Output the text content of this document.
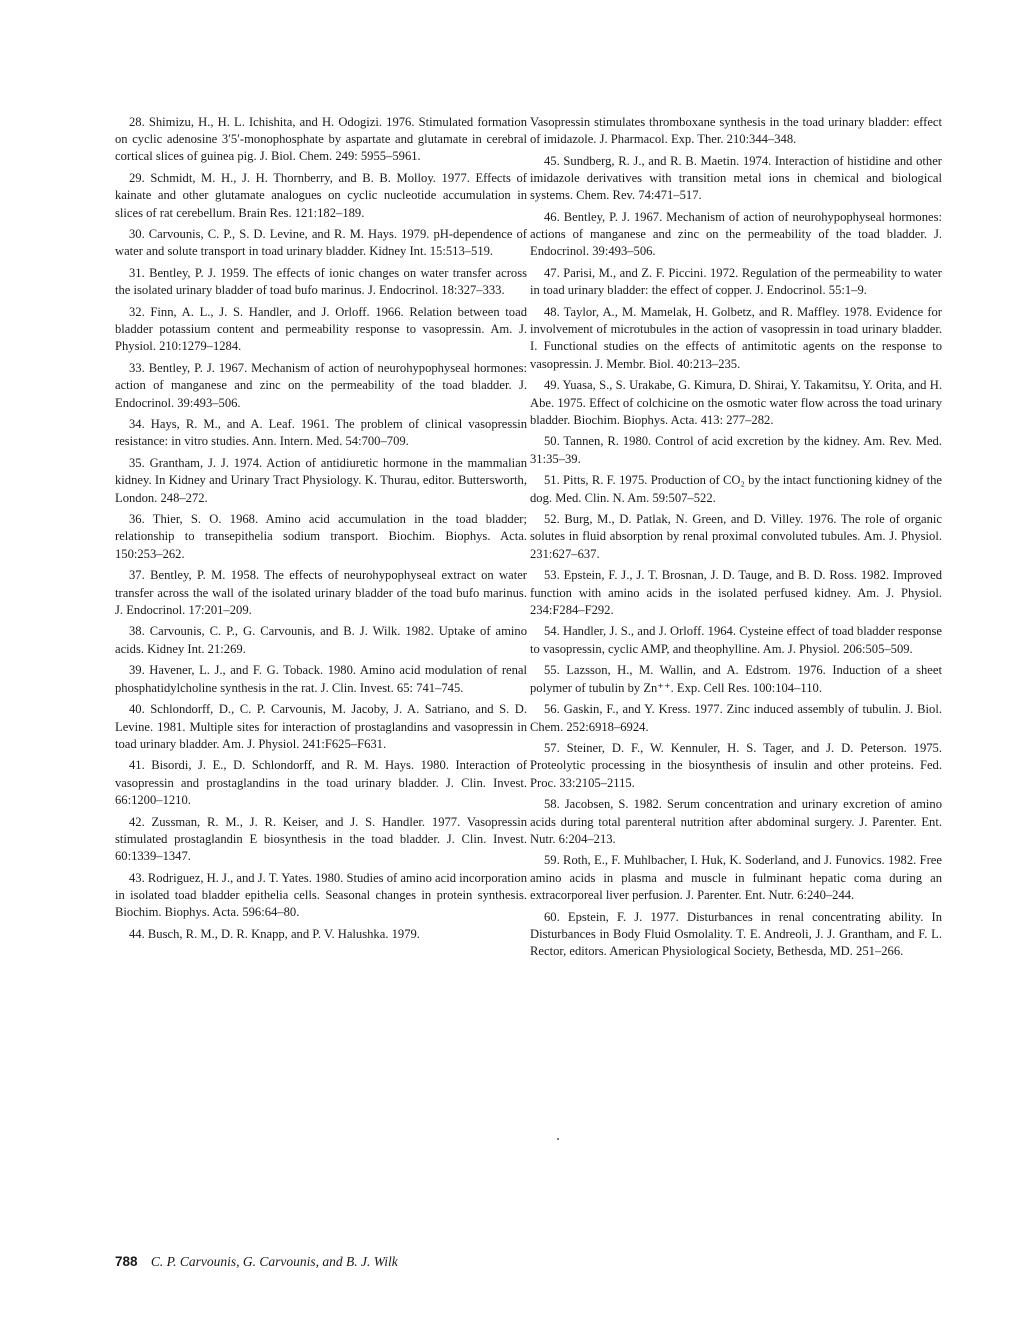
28. Shimizu, H., H. L. Ichishita, and H. Odogizi. 1976. Stimulated formation on cyclic adenosine 3′5′-monophosphate by aspartate and glutamate in cerebral cortical slices of guinea pig. J. Biol. Chem. 249: 5955–5961.

29. Schmidt, M. H., J. H. Thornberry, and B. B. Molloy. 1977. Effects of kainate and other glutamate analogues on cyclic nucleotide accumulation in slices of rat cerebellum. Brain Res. 121:182–189.

30. Carvounis, C. P., S. D. Levine, and R. M. Hays. 1979. pH-dependence of water and solute transport in toad urinary bladder. Kidney Int. 15:513–519.

31. Bentley, P. J. 1959. The effects of ionic changes on water transfer across the isolated urinary bladder of toad bufo marinus. J. Endocrinol. 18:327–333.

32. Finn, A. L., J. S. Handler, and J. Orloff. 1966. Relation between toad bladder potassium content and permeability response to vasopressin. Am. J. Physiol. 210:1279–1284.

33. Bentley, P. J. 1967. Mechanism of action of neurohypophyseal hormones: action of manganese and zinc on the permeability of the toad bladder. J. Endocrinol. 39:493–506.

34. Hays, R. M., and A. Leaf. 1961. The problem of clinical vasopressin resistance: in vitro studies. Ann. Intern. Med. 54:700–709.

35. Grantham, J. J. 1974. Action of antidiuretic hormone in the mammalian kidney. In Kidney and Urinary Tract Physiology. K. Thurau, editor. Buttersworth, London. 248–272.

36. Thier, S. O. 1968. Amino acid accumulation in the toad bladder; relationship to transepithelia sodium transport. Biochim. Biophys. Acta. 150:253–262.

37. Bentley, P. M. 1958. The effects of neurohypophyseal extract on water transfer across the wall of the isolated urinary bladder of the toad bufo marinus. J. Endocrinol. 17:201–209.

38. Carvounis, C. P., G. Carvounis, and B. J. Wilk. 1982. Uptake of amino acids. Kidney Int. 21:269.

39. Havener, L. J., and F. G. Toback. 1980. Amino acid modulation of renal phosphatidylcholine synthesis in the rat. J. Clin. Invest. 65: 741–745.

40. Schlondorff, D., C. P. Carvounis, M. Jacoby, J. A. Satriano, and S. D. Levine. 1981. Multiple sites for interaction of prostaglandins and vasopressin in toad urinary bladder. Am. J. Physiol. 241:F625–F631.

41. Bisordi, J. E., D. Schlondorff, and R. M. Hays. 1980. Interaction of vasopressin and prostaglandins in the toad urinary bladder. J. Clin. Invest. 66:1200–1210.

42. Zussman, R. M., J. R. Keiser, and J. S. Handler. 1977. Vasopressin stimulated prostaglandin E biosynthesis in the toad bladder. J. Clin. Invest. 60:1339–1347.

43. Rodriguez, H. J., and J. T. Yates. 1980. Studies of amino acid incorporation in isolated toad bladder epithelia cells. Seasonal changes in protein synthesis. Biochim. Biophys. Acta. 596:64–80.

44. Busch, R. M., D. R. Knapp, and P. V. Halushka. 1979.

Vasopressin stimulates thromboxane synthesis in the toad urinary bladder: effect of imidazole. J. Pharmacol. Exp. Ther. 210:344–348.

45. Sundberg, R. J., and R. B. Maetin. 1974. Interaction of histidine and other imidazole derivatives with transition metal ions in chemical and biological systems. Chem. Rev. 74:471–517.

46. Bentley, P. J. 1967. Mechanism of action of neurohypophyseal hormones: actions of manganese and zinc on the permeability of the toad bladder. J. Endocrinol. 39:493–506.

47. Parisi, M., and Z. F. Piccini. 1972. Regulation of the permeability to water in toad urinary bladder: the effect of copper. J. Endocrinol. 55:1–9.

48. Taylor, A., M. Mamelak, H. Golbetz, and R. Maffley. 1978. Evidence for involvement of microtubules in the action of vasopressin in toad urinary bladder. I. Functional studies on the effects of antimitotic agents on the response to vasopressin. J. Membr. Biol. 40:213–235.

49. Yuasa, S., S. Urakabe, G. Kimura, D. Shirai, Y. Takamitsu, Y. Orita, and H. Abe. 1975. Effect of colchicine on the osmotic water flow across the toad urinary bladder. Biochim. Biophys. Acta. 413: 277–282.

50. Tannen, R. 1980. Control of acid excretion by the kidney. Am. Rev. Med. 31:35–39.

51. Pitts, R. F. 1975. Production of CO₂ by the intact functioning kidney of the dog. Med. Clin. N. Am. 59:507–522.

52. Burg, M., D. Patlak, N. Green, and D. Villey. 1976. The role of organic solutes in fluid absorption by renal proximal convoluted tubules. Am. J. Physiol. 231:627–637.

53. Epstein, F. J., J. T. Brosnan, J. D. Tauge, and B. D. Ross. 1982. Improved function with amino acids in the isolated perfused kidney. Am. J. Physiol. 234:F284–F292.

54. Handler, J. S., and J. Orloff. 1964. Cysteine effect of toad bladder response to vasopressin, cyclic AMP, and theophylline. Am. J. Physiol. 206:505–509.

55. Lazsson, H., M. Wallin, and A. Edstrom. 1976. Induction of a sheet polymer of tubulin by Zn⁺⁺. Exp. Cell Res. 100:104–110.

56. Gaskin, F., and Y. Kress. 1977. Zinc induced assembly of tubulin. J. Biol. Chem. 252:6918–6924.

57. Steiner, D. F., W. Kennuler, H. S. Tager, and J. D. Peterson. 1975. Proteolytic processing in the biosynthesis of insulin and other proteins. Fed. Proc. 33:2105–2115.

58. Jacobsen, S. 1982. Serum concentration and urinary excretion of amino acids during total parenteral nutrition after abdominal surgery. J. Parenter. Ent. Nutr. 6:204–213.

59. Roth, E., F. Muhlbacher, I. Huk, K. Soderland, and J. Funovics. 1982. Free amino acids in plasma and muscle in fulminant hepatic coma during an extracorporeal liver perfusion. J. Parenter. Ent. Nutr. 6:240–244.

60. Epstein, F. J. 1977. Disturbances in renal concentrating ability. In Disturbances in Body Fluid Osmolality. T. E. Andreoli, J. J. Grantham, and F. L. Rector, editors. American Physiological Society, Bethesda, MD. 251–266.

788 C. P. Carvounis, G. Carvounis, and B. J. Wilk
